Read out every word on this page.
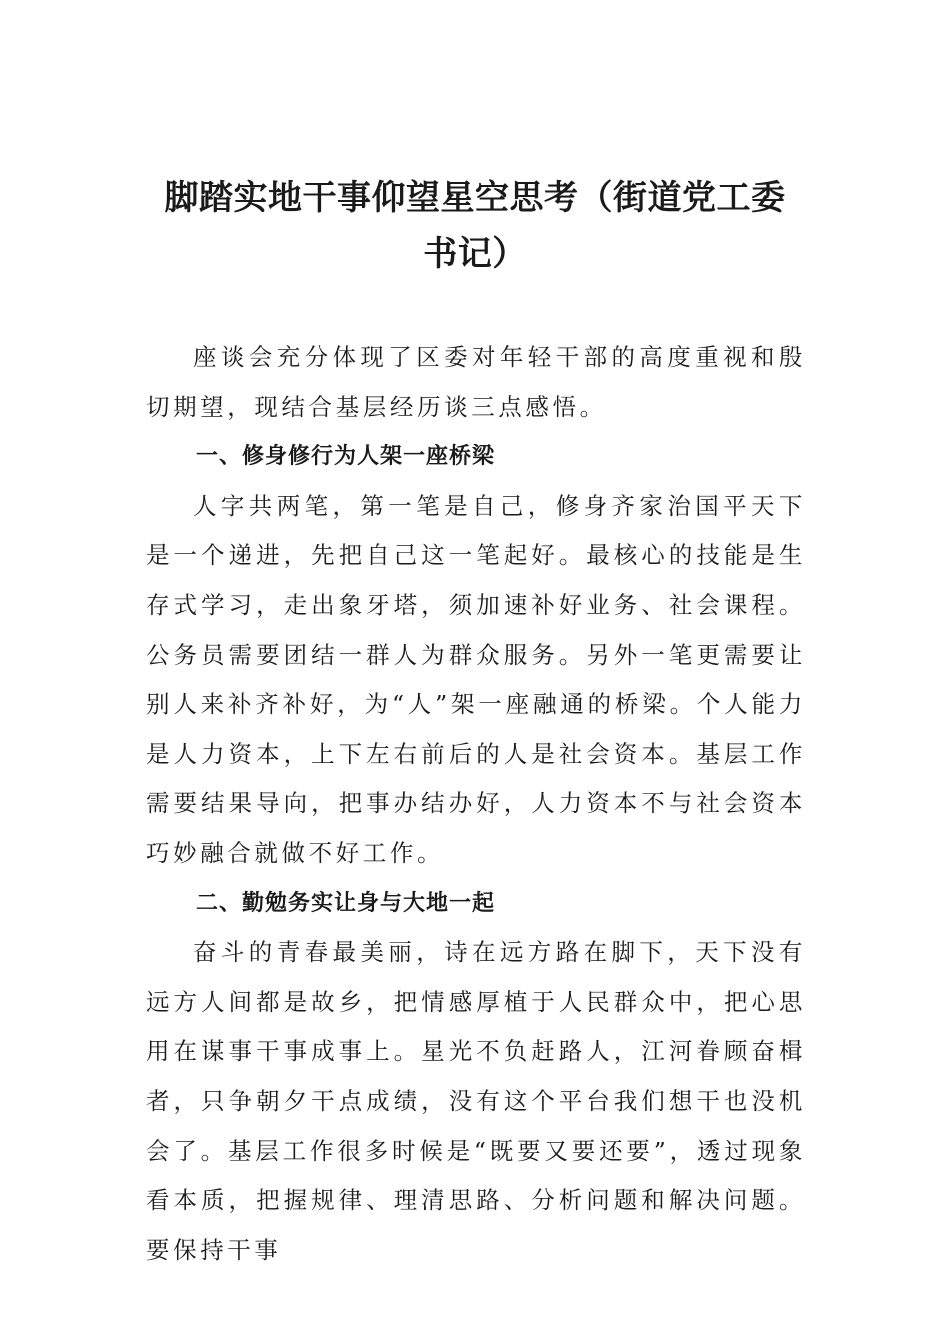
脚踏实地干事仰望星空思考（街道党工委
书记）

座谈会充分体现了区委对年轻干部的高度重视和殷切期望，现结合基层经历谈三点感悟。

一、修身修行为人架一座桥梁

人字共两笔，第一笔是自己，修身齐家治国平天下是一个递进，先把自己这一笔起好。最核心的技能是生存式学习，走出象牙塔，须加速补好业务、社会课程。公务员需要团结一群人为群众服务。另外一笔更需要让别人来补齐补好，为“人”架一座融通的桥梁。个人能力是人力资本，上下左右前后的人是社会资本。基层工作需要结果导向，把事办结办好，人力资本不与社会资本巧妙融合就做不好工作。

二、勤勉务实让身与大地一起

奋斗的青春最美丽，诗在远方路在脚下，天下没有远方人间都是故乡，把情感厚植于人民群众中，把心思用在谋事干事成事上。星光不负赶路人，江河眷顾奋楫者，只争朝夕干点成绩，没有这个平台我们想干也没机会了。基层工作很多时候是“既要又要还要”，透过现象看本质，把握规律、理清思路、分析问题和解决问题。要保持干事
